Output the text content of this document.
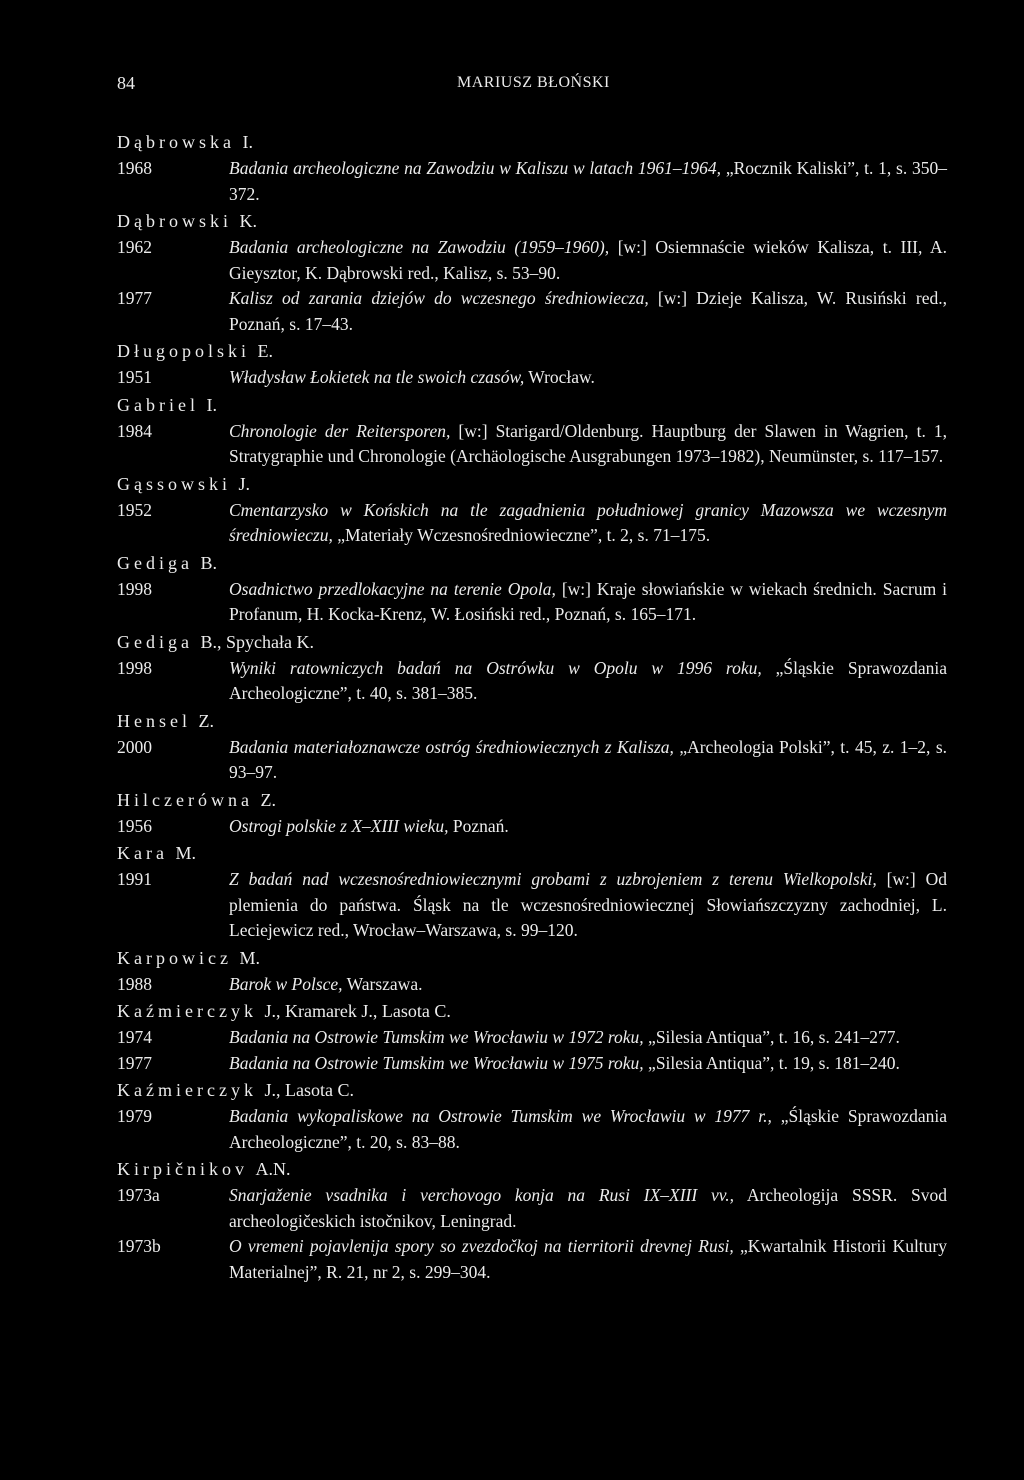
84	MARIUSZ BŁOŃSKI
Dąbrowska I.
1968	Badania archeologiczne na Zawodziu w Kaliszu w latach 1961–1964, „Rocznik Kaliski”, t. 1, s. 350–372.
Dąbrowski K.
1962	Badania archeologiczne na Zawodziu (1959–1960), [w:] Osiemnaście wieków Kalisza, t. III, A. Gieysztor, K. Dąbrowski red., Kalisz, s. 53–90.
1977	Kalisz od zarania dziejów do wczesnego średniowiecza, [w:] Dzieje Kalisza, W. Rusiński red., Poznań, s. 17–43.
Długopolski E.
1951	Władysław Łokietek na tle swoich czasów, Wrocław.
Gabriel I.
1984	Chronologie der Reitersporen, [w:] Starigard/Oldenburg. Hauptburg der Slawen in Wagrien, t. 1, Stratygraphie und Chronologie (Archäologische Ausgrabungen 1973–1982), Neumünster, s. 117–157.
Gąssowski J.
1952	Cmentarzysko w Końskich na tle zagadnienia południowej granicy Mazowsza we wczesnym średniowieczu, „Materiały Wczesnośredniowieczne”, t. 2, s. 71–175.
Gediga B.
1998	Osadnictwo przedlokacyjne na terenie Opola, [w:] Kraje słowiańskie w wiekach średnich. Sacrum i Profanum, H. Kocka-Krenz, W. Łosiński red., Poznań, s. 165–171.
Gediga B., Spychała K.
1998	Wyniki ratowniczych badań na Ostrówku w Opolu w 1996 roku, „Śląskie Sprawozdania Archeologiczne”, t. 40, s. 381–385.
Hensel Z.
2000	Badania materiałoznawcze ostróg średniowiecznych z Kalisza, „Archeologia Polski”, t. 45, z. 1–2, s. 93–97.
Hilczerówna Z.
1956	Ostrogi polskie z X–XIII wieku, Poznań.
Kara M.
1991	Z badań nad wczesnośredniowiecznymi grobami z uzbrojeniem z terenu Wielkopolski, [w:] Od plemienia do państwa. Śląsk na tle wczesnośredniowiecznej Słowiańszczyzny zachodniej, L. Leciejewicz red., Wrocław–Warszawa, s. 99–120.
Karpowicz M.
1988	Barok w Polsce, Warszawa.
Kaźmierczyk J., Kramarek J., Lasota C.
1974	Badania na Ostrowie Tumskim we Wrocławiu w 1972 roku, „Silesia Antiqua”, t. 16, s. 241–277.
1977	Badania na Ostrowie Tumskim we Wrocławiu w 1975 roku, „Silesia Antiqua”, t. 19, s. 181–240.
Kaźmierczyk J., Lasota C.
1979	Badania wykopaliskowe na Ostrowie Tumskim we Wrocławiu w 1977 r., „Śląskie Sprawozdania Archeologiczne”, t. 20, s. 83–88.
Kirpičnikov A.N.
1973a	Snarjaženie vsadnika i verchovogo konja na Rusi IX–XIII vv., Archeologija SSSR. Svod archeologičeskich istočnikov, Leningrad.
1973b	O vremeni pojavlenija spory so zvezdočkoj na tierritorii drevnej Rusi, „Kwartalnik Historii Kultury Materialnej”, R. 21, nr 2, s. 299–304.
